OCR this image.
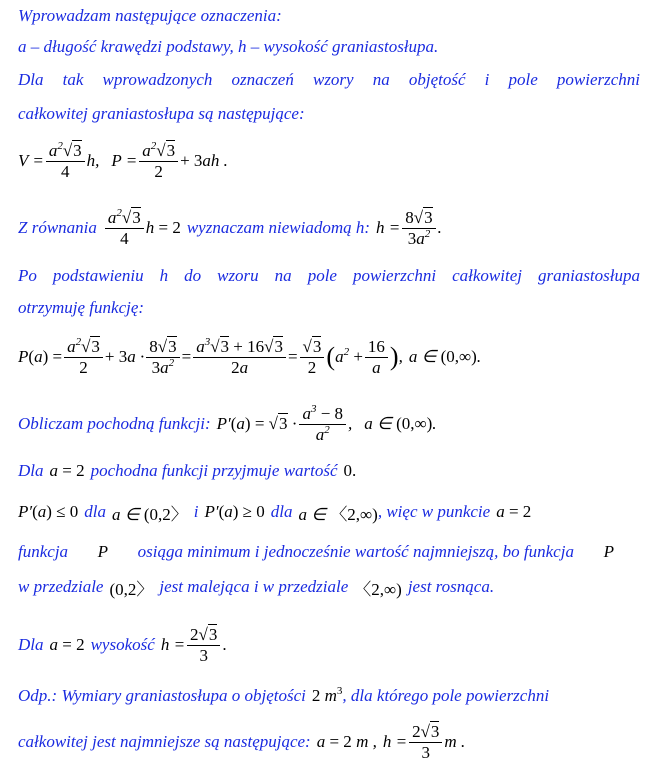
Wprowadzam następujące oznaczenia:
a – długość krawędzi podstawy, h – wysokość graniastosłupa.
Dla tak wprowadzonych oznaczeń wzory na objętość i pole powierzchni
całkowitej graniastosłupa są następujące:
$V = \frac{a^2√3}{4} h$, $P = \frac{a^2√3}{2} + 3ah$ .
Z równania $\frac{a^2√3}{4}$ h = 2 wyznaczam niewiadomą h: $h = \frac{8√3}{3a^2}$ .
Po podstawieniu h do wzoru na pole powierzchni całkowitej graniastosłupa
otrzymuję funkcję:
$P(a) = \frac{a^2√3}{2} + 3a \cdot \frac{8√3}{3a^2} = \frac{a^3√3 + 16√3}{2a} = \frac{√3}{2}$ ( $a^2 + \frac{16}{a}$ ) , a ∈ (0,∞).
Obliczam pochodną funkcji: $P'(a) = √3 \cdot \frac{a^3 - 8}{a^2}$ , a ∈ (0,∞).
Dla a = 2 pochodna funkcji przyjmuje wartość 0.
P′(a) ≤ 0 dla a ∈ (0,2〉 i P′(a) ≥ 0 dla a ∈ 〈2,∞) , więc w punkcie a = 2
funkcja P osiąga minimum i jednocześnie wartość najmniejszą, bo funkcja P
w przedziale (0,2〉 jest malejąca i w przedziale 〈2,∞) jest rosnąca.
Dla a = 2 wysokość $h = \frac{2√3}{3}$ .
Odp.: Wymiary graniastosłupa o objętości 2 $m^3$ , dla którego pole powierzchni
całkowitej jest najmniejsze są następujące: a = 2 m , $h = \frac{2√3}{3}$ m .
